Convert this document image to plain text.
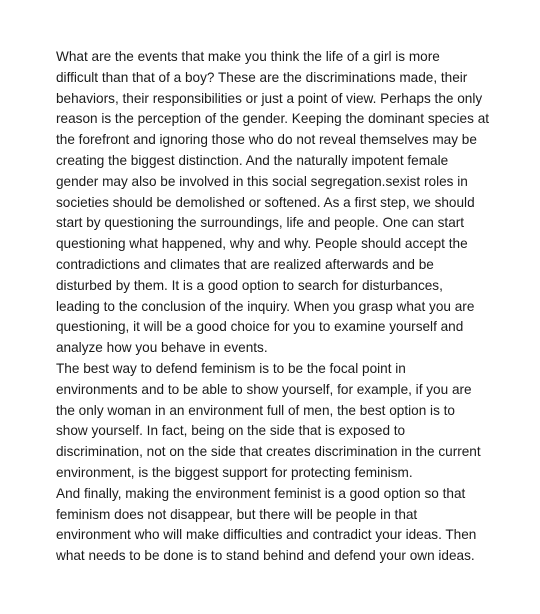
What are the events that make you think the life of a girl is more
difficult than that of a boy? These are the discriminations made, their
behaviors, their responsibilities or just a point of view. Perhaps the only
reason is the perception of the gender. Keeping the dominant species at
the forefront and ignoring those who do not reveal themselves may be
creating the biggest distinction. And the naturally impotent female
gender may also be involved in this social segregation.sexist roles in
societies should be demolished or softened. As a first step, we should
start by questioning the surroundings, life and people. One can start
questioning what happened, why and why. People should accept the
contradictions and climates that are realized afterwards and be
disturbed by them. It is a good option to search for disturbances,
leading to the conclusion of the inquiry. When you grasp what you are
questioning, it will be a good choice for you to examine yourself and
analyze how you behave in events.

The best way to defend feminism is to be the focal point in
environments and to be able to show yourself, for example, if you are
the only woman in an environment full of men, the best option is to
show yourself. In fact, being on the side that is exposed to
discrimination, not on the side that creates discrimination in the current
environment, is the biggest support for protecting feminism.

And finally, making the environment feminist is a good option so that
feminism does not disappear, but there will be people in that
environment who will make difficulties and contradict your ideas. Then
what needs to be done is to stand behind and defend your own ideas.
